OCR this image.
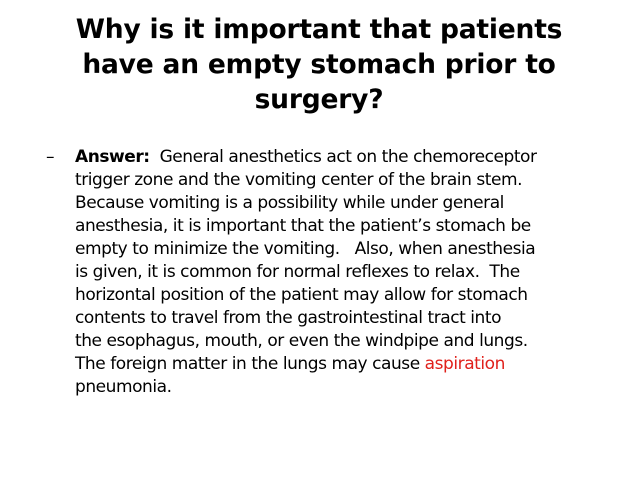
Why is it important that patients
have an empty stomach prior to
surgery?
– Answer:  General anesthetics act on the chemoreceptor
trigger zone and the vomiting center of the brain stem.
Because vomiting is a possibility while under general
anesthesia, it is important that the patient’s stomach be
empty to minimize the vomiting.   Also, when anesthesia
is given, it is common for normal reflexes to relax.  The
horizontal position of the patient may allow for stomach
contents to travel from the gastrointestinal tract into
the esophagus, mouth, or even the windpipe and lungs.
The foreign matter in the lungs may cause aspiration
pneumonia.
